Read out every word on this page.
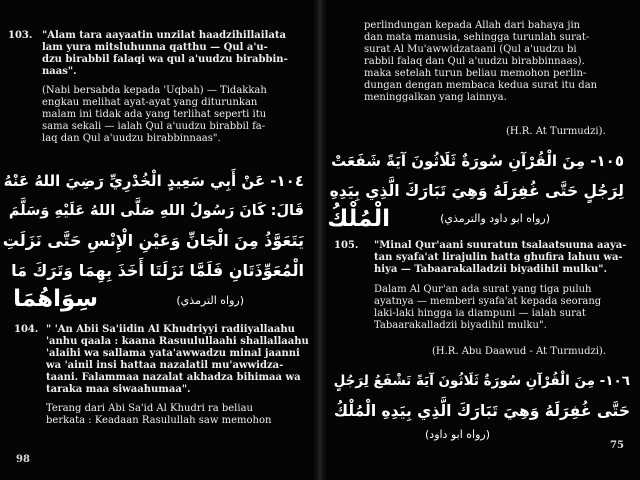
103. "Alam tara aayaatin unzilat haadzihillailata
lam yura mitsluhunna qatthu — Qul a'u-
dzu birabbil falaqi wa qul a'uudzu birabbin-
naas".
(Nabi bersabda kepada 'Uqbah) — Tidakkah
engkau melihat ayat-ayat yang diturunkan
malam ini tidak ada yang terlihat seperti itu
sama sekali — ialah Qul a'uudzu birabbil fa-
laq dan Qul a'uudzu birabbinnaas".
١٠٤- عَنْ أَبِي سَعِيدٍ الْخُدْرِيِّ رَضِيَ اللهُ عَنْهُ
قَالَ: كَانَ رَسُولُ اللهِ صَلَّى اللهُ عَلَيْهِ وَسَلَّمَ
يَتَعَوَّذُ مِنَ الْجَانِّ وَعَيْنِ الْإِنْسِ حَتَّى نَزَلَتِ
الْمُعَوِّذَتَانِ فَلَمَّا نَزَلَتَا أَخَذَ بِهِمَا وَتَرَكَ مَا
سِوَاهُمَا	(رواه الترمذي)
104. " 'An Abii Sa'iidin Al Khudriyyi radiiyallaahu
'anhu qaala : kaana Rasuulullaahi shallallaahu
'alaihi wa sallama yata'awwadzu minal jaanni
wa 'ainil insi hattaa nazalatil mu'awwidza-
taani. Falammaa nazalat akhadza bihimaa wa
taraka maa siwaahumaa".
Terang dari Abi Sa'id Al Khudri ra beliau
berkata : Keadaan Rasulullah saw memohon
98
perlindungan kepada Allah dari bahaya jin
dan mata manusia, sehingga turunlah surat-
surat Al Mu'awwidzataani (Qul a'uudzu bi
rabbil falaq dan Qul a'uudzu birabbinnaas).
maka setelah turun beliau memohon perlin-
dungan dengan membaca kedua surat itu dan
meninggalkan yang lainnya.
(H.R. At Turmudzi).
١٠٥- مِنَ الْقُرْآنِ سُورَةٌ ثَلَاثُونَ آيَةً شَفَعَتْ
لِرَجُلٍ حَتَّى غُفِرَلَهُ وَهِيَ تَبَارَكَ الَّذِي بِيَدِهِ
الْمُلْكُ	(رواه ابو داود والترمذي)
105. "Minal Qur'aani suuratun tsalaatsuuna aaya-
tan syafa'at lirajulin hatta ghufira lahuu wa-
hiya — Tabaarakalladzii biyadihil mulku".
Dalam Al Qur'an ada surat yang tiga puluh
ayatnya — memberi syafa'at kepada seorang
laki-laki hingga ia diampuni — ialah surat
Tabaarakalladzii biyadihil mulku".
(H.R. Abu Daawud - At Turmudzi).
١٠٦- مِنَ الْقُرْآنِ سُورَةٌ ثَلَاثُونَ آيَةً تَشْفَعُ لِرَجُلٍ
حَتَّى غُفِرَلَهُ وَهِيَ تَبَارَكَ الَّذِي بِيَدِهِ الْمُلْكُ
(رواه ابو داود)
75
